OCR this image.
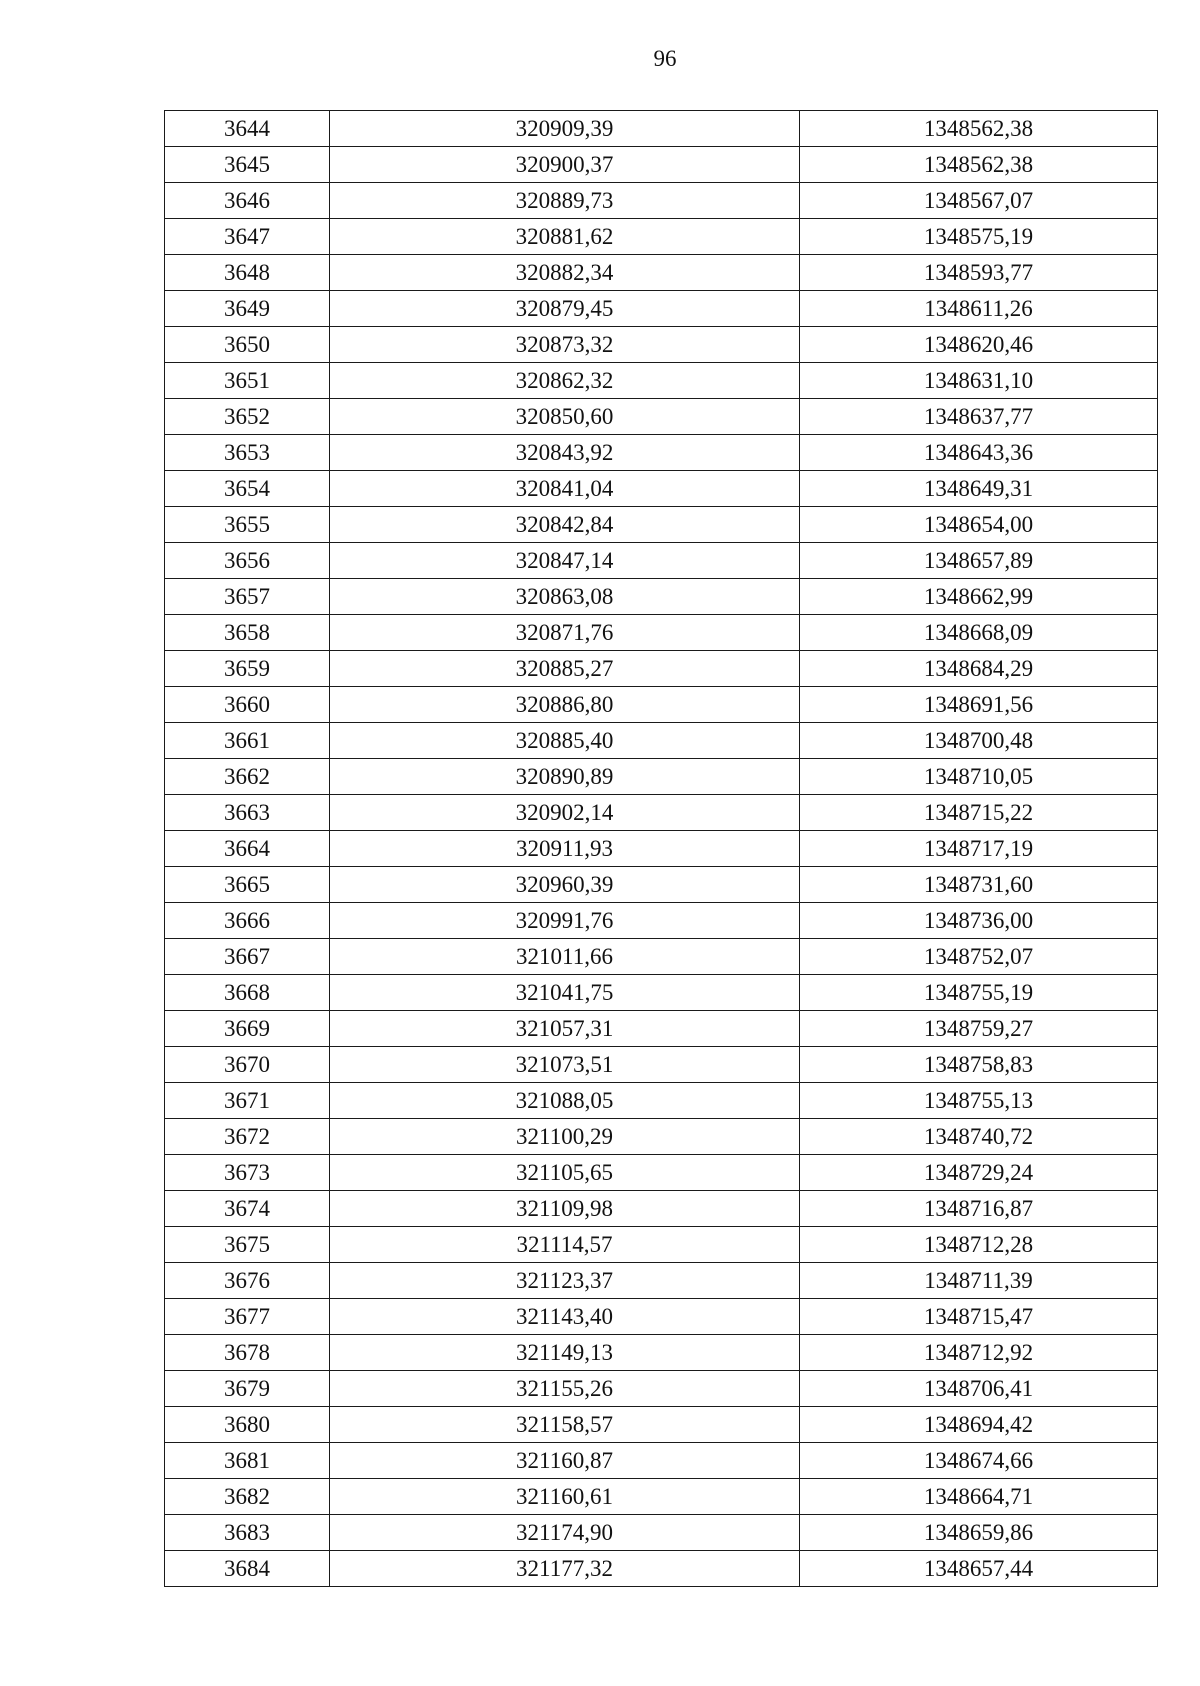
96
3644	320909,39	1348562,38
3645	320900,37	1348562,38
3646	320889,73	1348567,07
3647	320881,62	1348575,19
3648	320882,34	1348593,77
3649	320879,45	1348611,26
3650	320873,32	1348620,46
3651	320862,32	1348631,10
3652	320850,60	1348637,77
3653	320843,92	1348643,36
3654	320841,04	1348649,31
3655	320842,84	1348654,00
3656	320847,14	1348657,89
3657	320863,08	1348662,99
3658	320871,76	1348668,09
3659	320885,27	1348684,29
3660	320886,80	1348691,56
3661	320885,40	1348700,48
3662	320890,89	1348710,05
3663	320902,14	1348715,22
3664	320911,93	1348717,19
3665	320960,39	1348731,60
3666	320991,76	1348736,00
3667	321011,66	1348752,07
3668	321041,75	1348755,19
3669	321057,31	1348759,27
3670	321073,51	1348758,83
3671	321088,05	1348755,13
3672	321100,29	1348740,72
3673	321105,65	1348729,24
3674	321109,98	1348716,87
3675	321114,57	1348712,28
3676	321123,37	1348711,39
3677	321143,40	1348715,47
3678	321149,13	1348712,92
3679	321155,26	1348706,41
3680	321158,57	1348694,42
3681	321160,87	1348674,66
3682	321160,61	1348664,71
3683	321174,90	1348659,86
3684	321177,32	1348657,44
